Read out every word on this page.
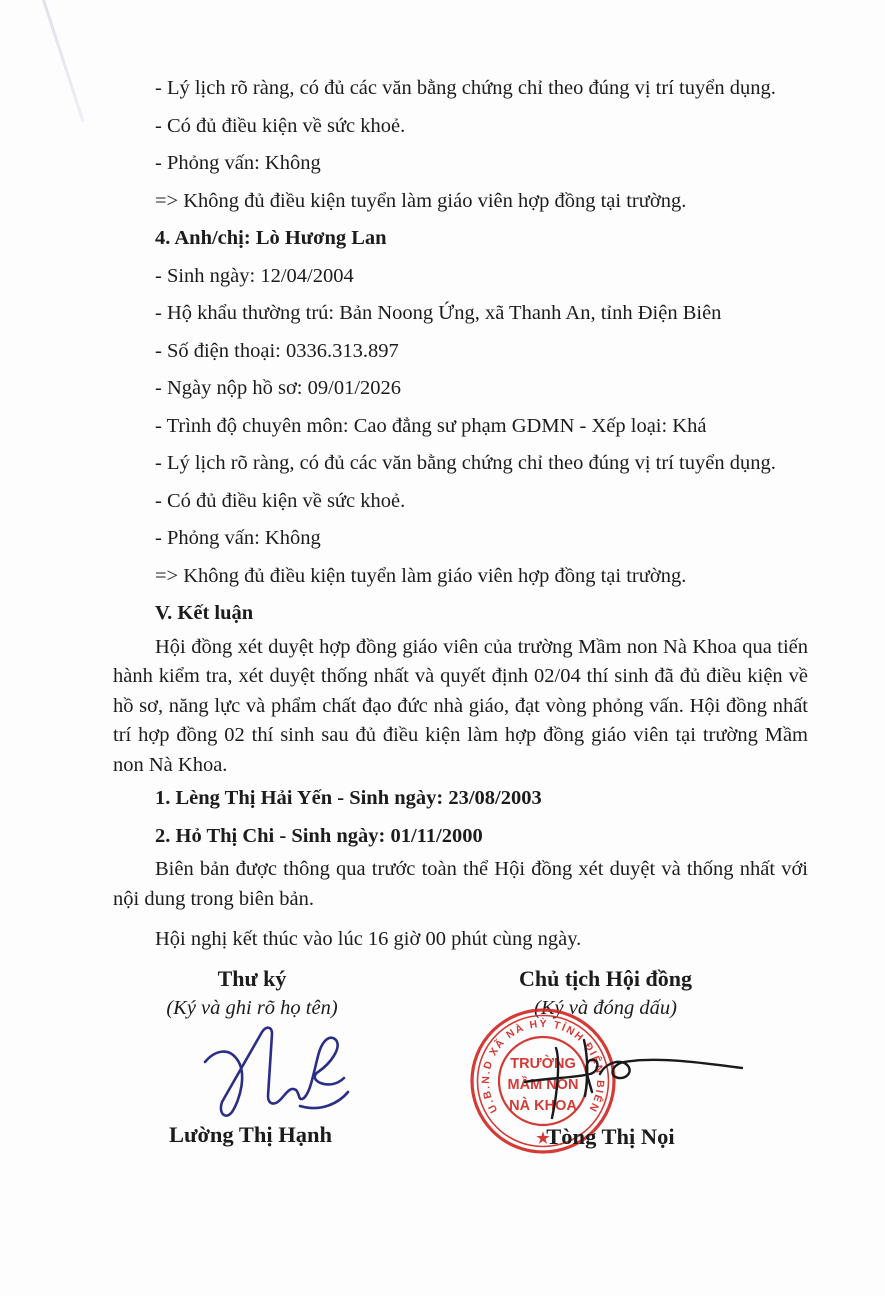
- Lý lịch rõ ràng, có đủ các văn bằng chứng chỉ theo đúng vị trí tuyển dụng.
- Có đủ điều kiện về sức khoẻ.
- Phỏng vấn: Không
=> Không đủ điều kiện tuyển làm giáo viên hợp đồng tại trường.
4. Anh/chị: Lò Hương Lan
- Sinh ngày: 12/04/2004
- Hộ khẩu thường trú: Bản Noong Ứng, xã Thanh An, tỉnh Điện Biên
- Số điện thoại: 0336.313.897
- Ngày nộp hồ sơ: 09/01/2026
- Trình độ chuyên môn: Cao đẳng sư phạm GDMN - Xếp loại: Khá
- Lý lịch rõ ràng, có đủ các văn bằng chứng chỉ theo đúng vị trí tuyển dụng.
- Có đủ điều kiện về sức khoẻ.
- Phỏng vấn: Không
=> Không đủ điều kiện tuyển làm giáo viên hợp đồng tại trường.
V. Kết luận

Hội đồng xét duyệt hợp đồng giáo viên của trường Mầm non Nà Khoa qua tiến hành kiểm tra, xét duyệt thống nhất và quyết định 02/04 thí sinh đã đủ điều kiện về hồ sơ, năng lực và phẩm chất đạo đức nhà giáo, đạt vòng phỏng vấn. Hội đồng nhất trí hợp đồng 02 thí sinh sau đủ điều kiện làm hợp đồng giáo viên tại trường Mầm non Nà Khoa.

1. Lèng Thị Hải Yến - Sinh ngày: 23/08/2003
2. Hỏ Thị Chi - Sinh ngày: 01/11/2000

Biên bản được thông qua trước toàn thể Hội đồng xét duyệt và thống nhất với nội dung trong biên bản.

Hội nghị kết thúc vào lúc 16 giờ 00 phút cùng ngày.
Thư ký
(Ký và ghi rõ họ tên)
Lường Thị Hạnh
Chủ tịch Hội đồng
(Ký và đóng dấu)
U.B.N.D XÃ NÀ HỲ TỈNH ĐIỆN BIÊN
TRƯỜNG
MẦM NON
NÀ KHOA
★
Tòng Thị Nọi
